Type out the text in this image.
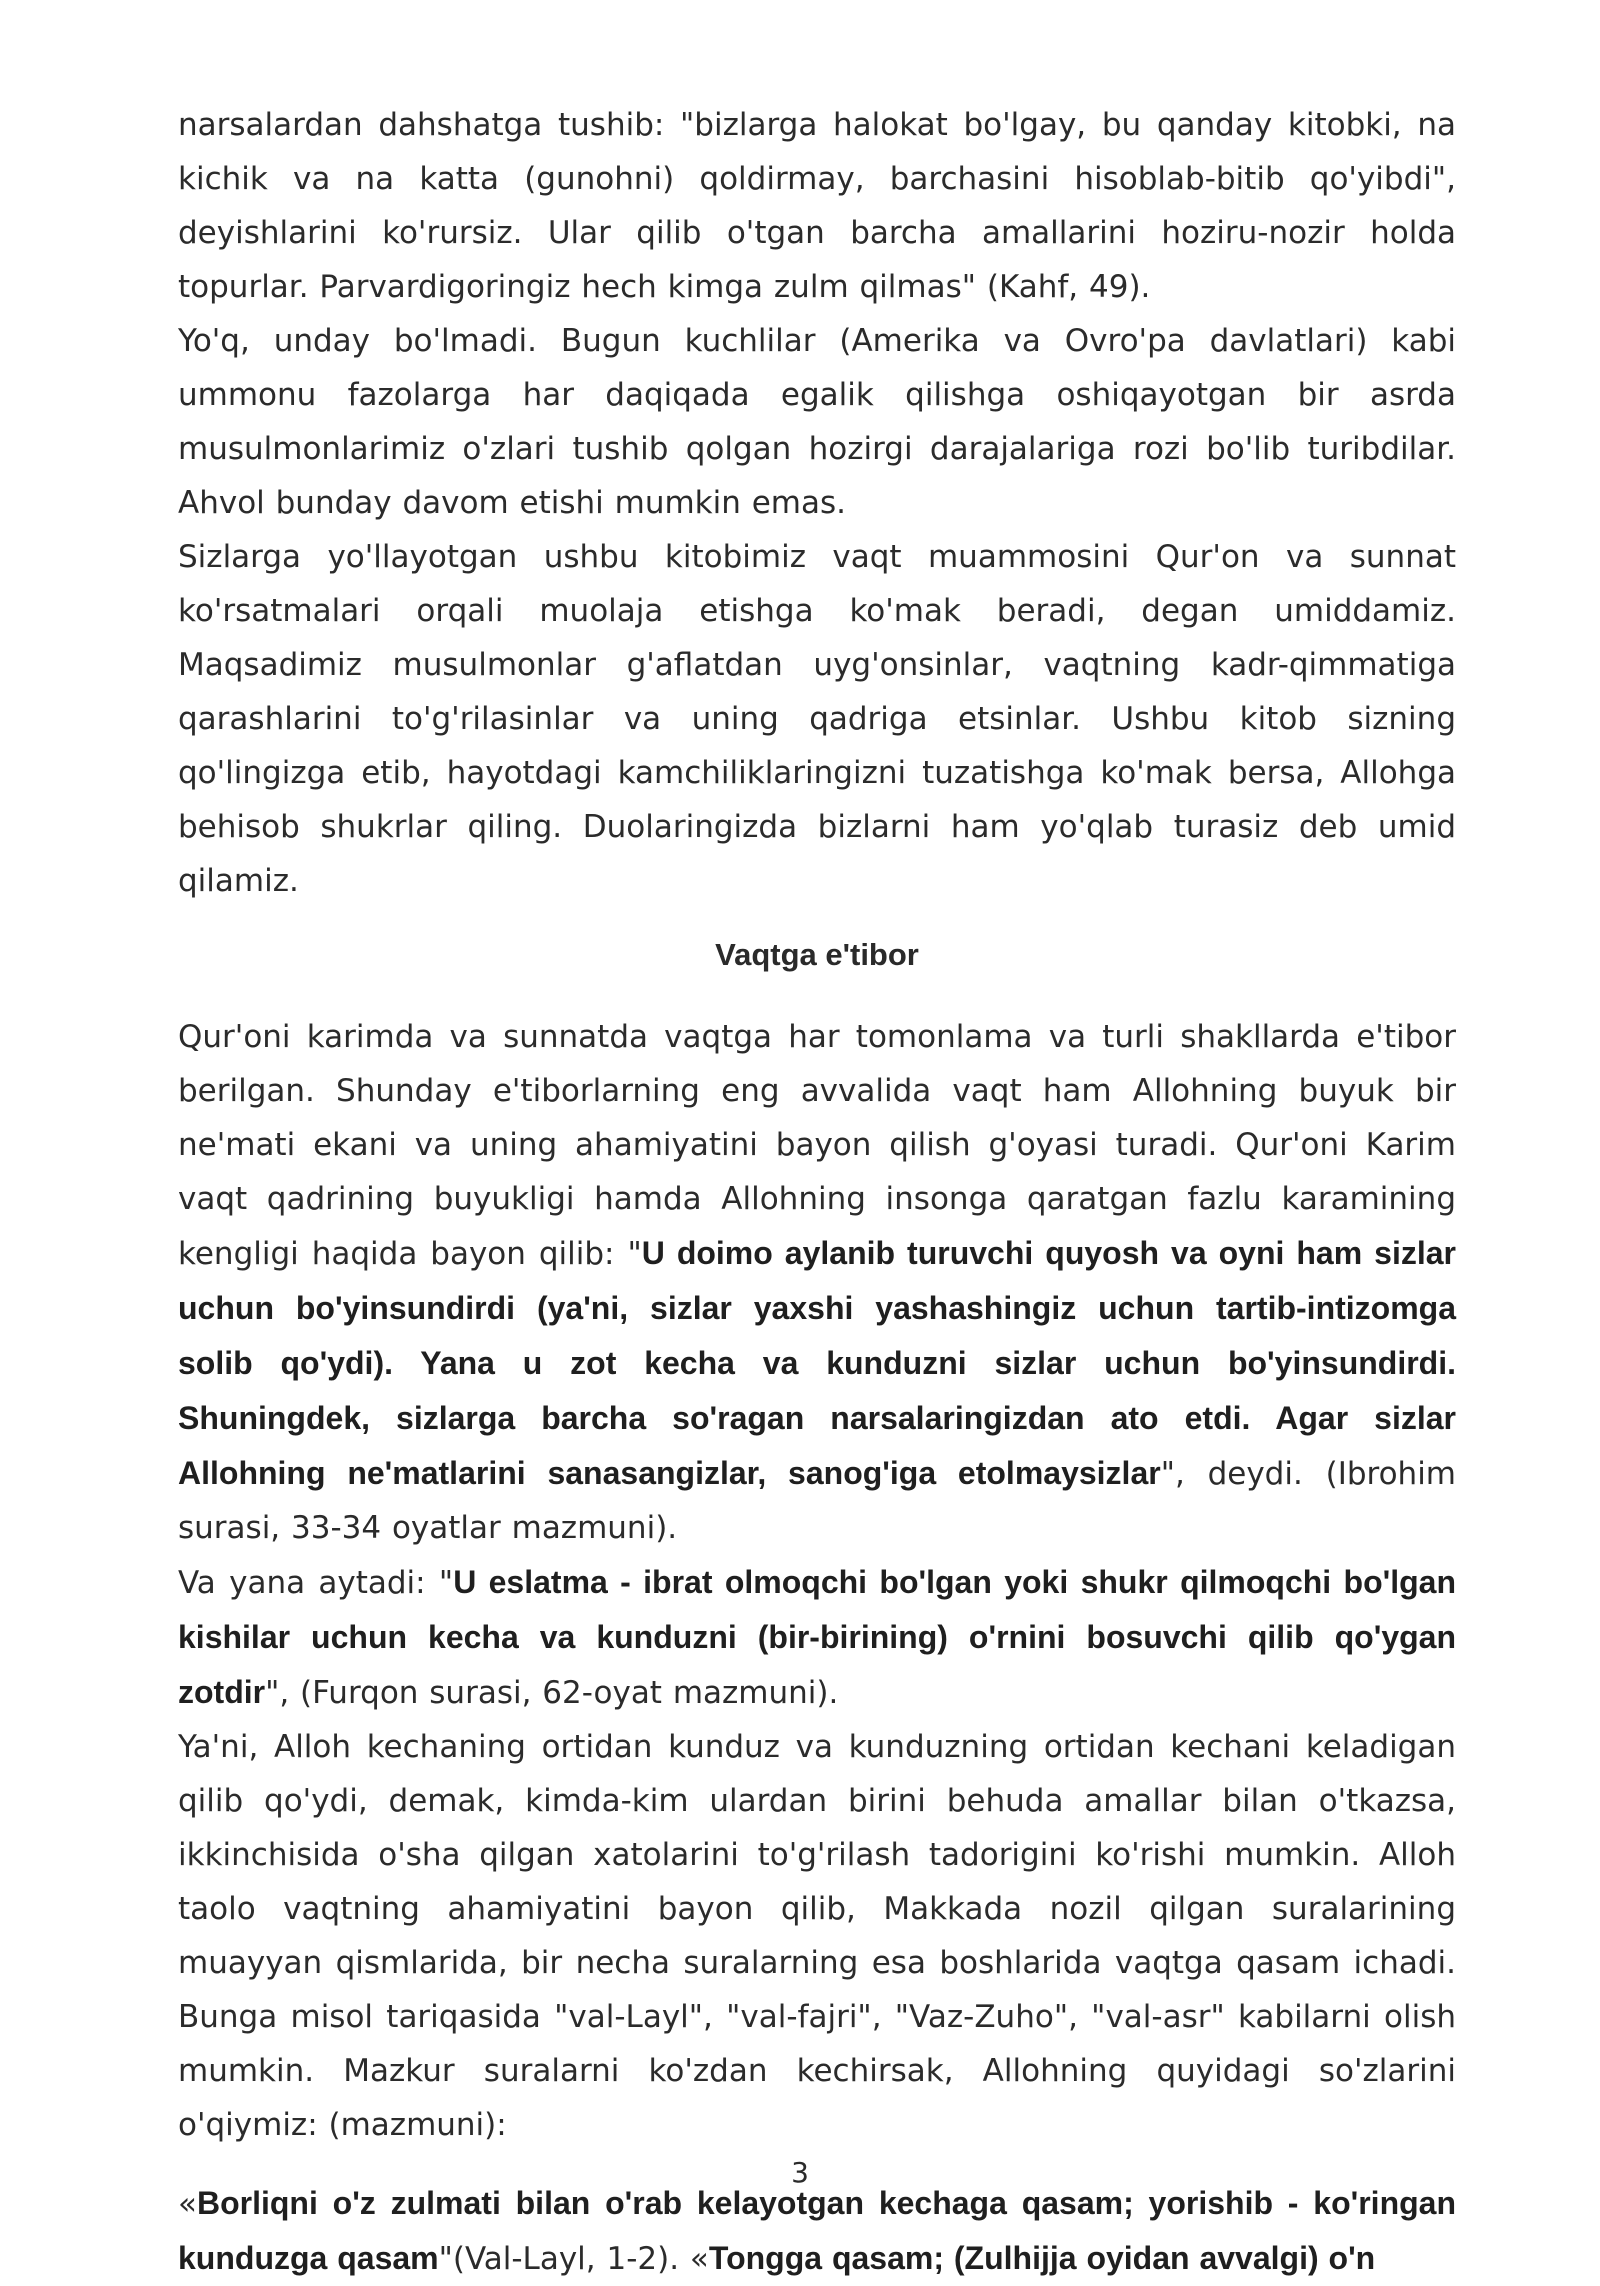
narsalardan dahshatga tushib: "bizlarga halokat bo'lgay, bu qanday kitobki, na kichik va na katta (gunohni) qoldirmay, barchasini hisoblab-bitib qo'yibdi", deyishlarini ko'rursiz. Ular qilib o'tgan barcha amallarini hoziru-nozir holda topurlar. Parvardigoringiz hech kimga zulm qilmas" (Kahf, 49).

Yo'q, unday bo'lmadi. Bugun kuchlilar (Amerika va Ovro'pa davlatlari) kabi ummonu fazolarga har daqiqada egalik qilishga oshiqayotgan bir asrda musulmonlarimiz o'zlari tushib qolgan hozirgi darajalariga rozi bo'lib turibdilar. Ahvol bunday davom etishi mumkin emas.

Sizlarga yo'llayotgan ushbu kitobimiz vaqt muammosini Qur'on va sunnat ko'rsatmalari orqali muolaja etishga ko'mak beradi, degan umiddamiz. Maqsadimiz musulmonlar g'aflatdan uyg'onsinlar, vaqtning kadr-qimmatiga qarashlarini to'g'rilasinlar va uning qadriga etsinlar. Ushbu kitob sizning qo'lingizga etib, hayotdagi kamchiliklaringizni tuzatishga ko'mak bersa, Allohga behisob shukrlar qiling. Duolaringizda bizlarni ham yo'qlab turasiz deb umid qilamiz.

Vaqtga e'tibor

Qur'oni karimda va sunnatda vaqtga har tomonlama va turli shakllarda e'tibor berilgan. Shunday e'tiborlarning eng avvalida vaqt ham Allohning buyuk bir ne'mati ekani va uning ahamiyatini bayon qilish g'oyasi turadi. Qur'oni Karim vaqt qadrining buyukligi hamda Allohning insonga qaratgan fazlu karamining kengligi haqida bayon qilib: "U doimo aylanib turuvchi quyosh va oyni ham sizlar uchun bo'yinsundirdi (ya'ni, sizlar yaxshi yashashingiz uchun tartib-intizomga solib qo'ydi). Yana u zot kecha va kunduzni sizlar uchun bo'yinsundirdi. Shuningdek, sizlarga barcha so'ragan narsalaringizdan ato etdi. Agar sizlar Allohning ne'matlarini sanasangizlar, sanog'iga etolmaysizlar", deydi. (Ibrohim surasi, 33-34 oyatlar mazmuni).

Va yana aytadi: "U eslatma - ibrat olmoqchi bo'lgan yoki shukr qilmoqchi bo'lgan kishilar uchun kecha va kunduzni (bir-birining) o'rnini bosuvchi qilib qo'ygan zotdir", (Furqon surasi, 62-oyat mazmuni).

Ya'ni, Alloh kechaning ortidan kunduz va kunduzning ortidan kechani keladigan qilib qo'ydi, demak, kimda-kim ulardan birini behuda amallar bilan o'tkazsa, ikkinchisida o'sha qilgan xatolarini to'g'rilash tadorigini ko'rishi mumkin. Alloh taolo vaqtning ahamiyatini bayon qilib, Makkada nozil qilgan suralarining muayyan qismlarida, bir necha suralarning esa boshlarida vaqtga qasam ichadi. Bunga misol tariqasida "val-Layl", "val-fajri", "Vaz-Zuho", "val-asr" kabilarni olish mumkin. Mazkur suralarni ko'zdan kechirsak, Allohning quyidagi so'zlarini o'qiymiz: (mazmuni):

«Borliqni o'z zulmati bilan o'rab kelayotgan kechaga qasam; yorishib - ko'ringan kunduzga qasam"(Val-Layl, 1-2). «Tongga qasam; (Zulhijja oyidan avvalgi) o'n

3
